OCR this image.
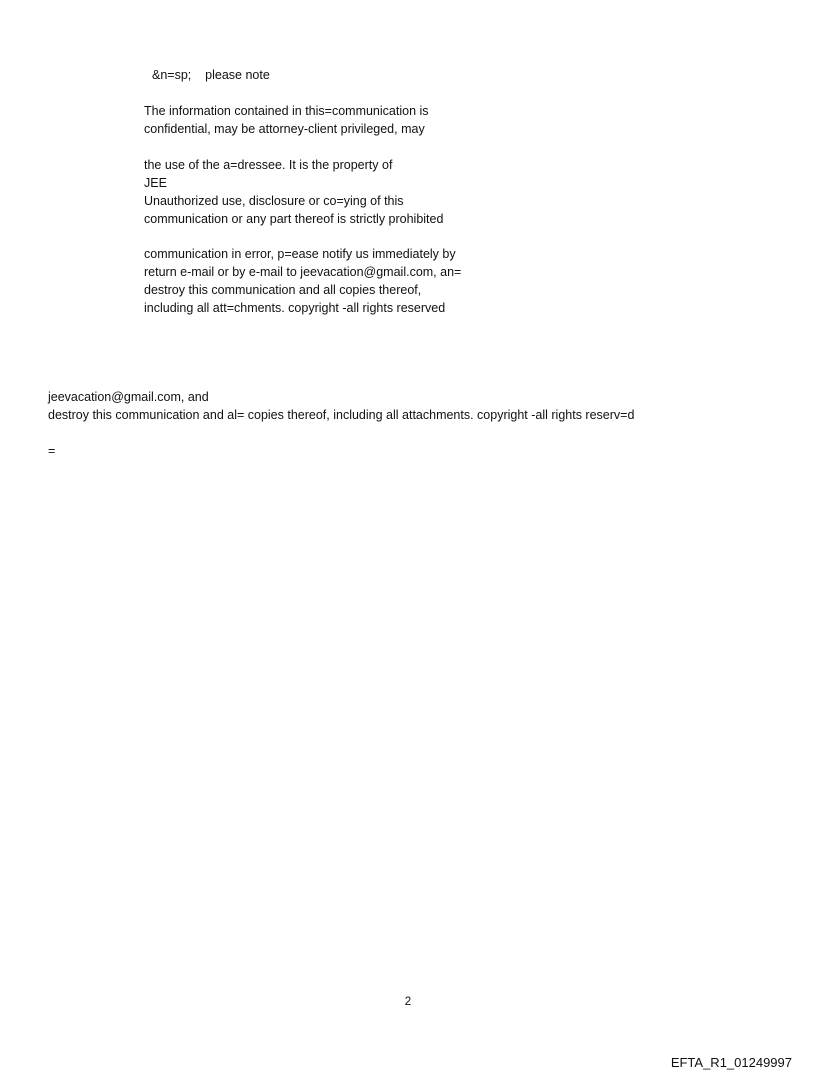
&n=sp;    please note
The information contained in this=communication is
confidential, may be attorney-client privileged, may
the use of the a=dressee. It is the property of
JEE
Unauthorized use, disclosure or co=ying of this
communication or any part thereof is strictly prohibited
communication in error, p=ease notify us immediately by
return e-mail or by e-mail to jeevacation@gmail.com, an=
destroy this communication and all copies thereof,
including all att=chments. copyright -all rights reserved
jeevacation@gmail.com, and
destroy this communication and al= copies thereof, including all attachments. copyright -all rights reserv=d
=
2
EFTA_R1_01249997
